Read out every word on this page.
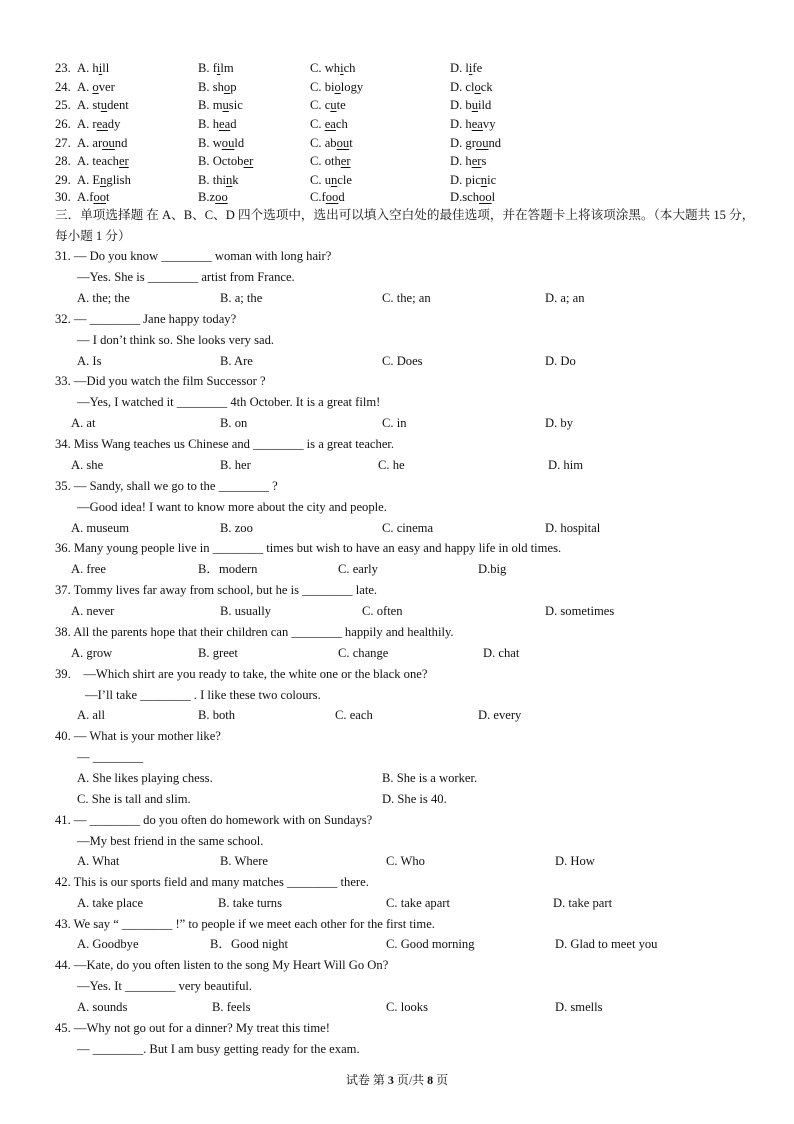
23. A. hill	B. film	C. which	D. life
24. A. over	B. shop	C. biology	D. clock
25. A. student	B. music	C. cute	D. build
26. A. ready	B. head	C. each	D. heavy
27. A. around	B. would	C. about	D. ground
28. A. teacher	B. October	C. other	D. hers
29. A. English	B. think	C. uncle	D. picnic
30. A.foot	B.zoo	C.food	D.school
三．单项选择题 在 A、B、C、D 四个选项中，选出可以填入空白处的最佳选项，并在答题卡上将该项涂黑。（本大题共 15 分，每小题 1 分）
31. — Do you know ________ woman with long hair?
—Yes. She is ________ artist from France.
A. the; the	B. a; the	C. the; an	D. a; an
32. — ________ Jane happy today?
— I don’t think so. She looks very sad.
A. Is	B. Are	C. Does	D. Do
33. —Did you watch the film Successor ?
—Yes, I watched it ________ 4th October. It is a great film!
A. at	B. on	C. in	D. by
34. Miss Wang teaches us Chinese and ________ is a great teacher.
A. she	B. her	C. he	D. him
35. — Sandy, shall we go to the ________ ?
—Good idea! I want to know more about the city and people.
A. museum	B. zoo	C. cinema	D. hospital
36. Many young people live in ________ times but wish to have an easy and happy life in old times.
A. free	B．modern	C. early	D.big
37. Tommy lives far away from school, but he is ________ late.
A. never	B. usually	C. often	D. sometimes
38. All the parents hope that their children can ________ happily and healthily.
A. grow	B. greet	C. change	D. chat
39.　—Which shirt are you ready to take, the white one or the black one?
—I’ll take ________ . I like these two colours.
A. all	B. both	C. each	D. every
40. — What is your mother like?
— ________
A. She likes playing chess.	B. She is a worker.
C. She is tall and slim.	D. She is 40.
41. — ________ do you often do homework with on Sundays?
—My best friend in the same school.
A. What	B. Where	C. Who	D. How
42. This is our sports field and many matches ________ there.
A. take place	B. take turns	C. take apart	D. take part
43. We say “ ________ !” to people if we meet each other for the first time.
A. Goodbye	B．Good night	C. Good morning	D. Glad to meet you
44. —Kate, do you often listen to the song My Heart Will Go On?
—Yes. It ________ very beautiful.
A. sounds	B. feels	C. looks	D. smells
45. —Why not go out for a dinner? My treat this time!
— ________. But I am busy getting ready for the exam.
试卷 第 3 页/共 8 页
